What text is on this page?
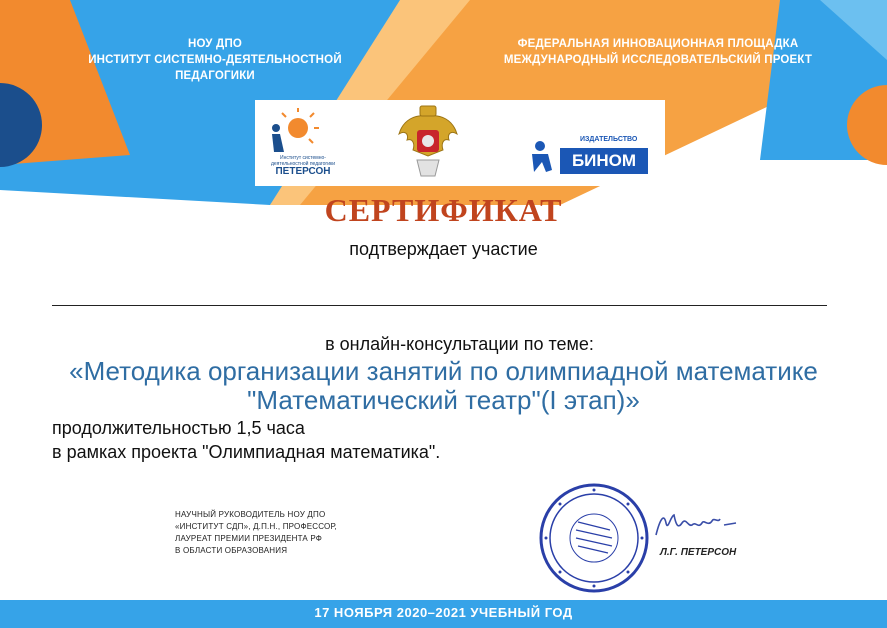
НОУ ДПО
ИНСТИТУТ СИСТЕМНО-ДЕЯТЕЛЬНОСТНОЙ
ПЕДАГОГИКИ
ФЕДЕРАЛЬНАЯ ИННОВАЦИОННАЯ ПЛОЩАДКА
МЕЖДУНАРОДНЫЙ ИССЛЕДОВАТЕЛЬСКИЙ ПРОЕКТ
Институт системно-деятельностной педагогики
ПЕТЕРСОН
ИЗДАТЕЛЬСТВО
БИНОМ
СЕРТИФИКАТ
подтверждает участие
в онлайн-консультации по теме:
«Методика организации занятий по олимпиадной математике
"Математический театр"(I этап)»
продолжительностью 1,5 часа
в рамках проекта "Олимпиадная математика".
НАУЧНЫЙ РУКОВОДИТЕЛЬ НОУ ДПО
«ИНСТИТУТ СДП», Д.П.Н., ПРОФЕССОР,
ЛАУРЕАТ ПРЕМИИ ПРЕЗИДЕНТА РФ
В ОБЛАСТИ ОБРАЗОВАНИЯ	Л.Г. ПЕТЕРСОН
17 НОЯБРЯ 2020–2021 УЧЕБНЫЙ ГОД
